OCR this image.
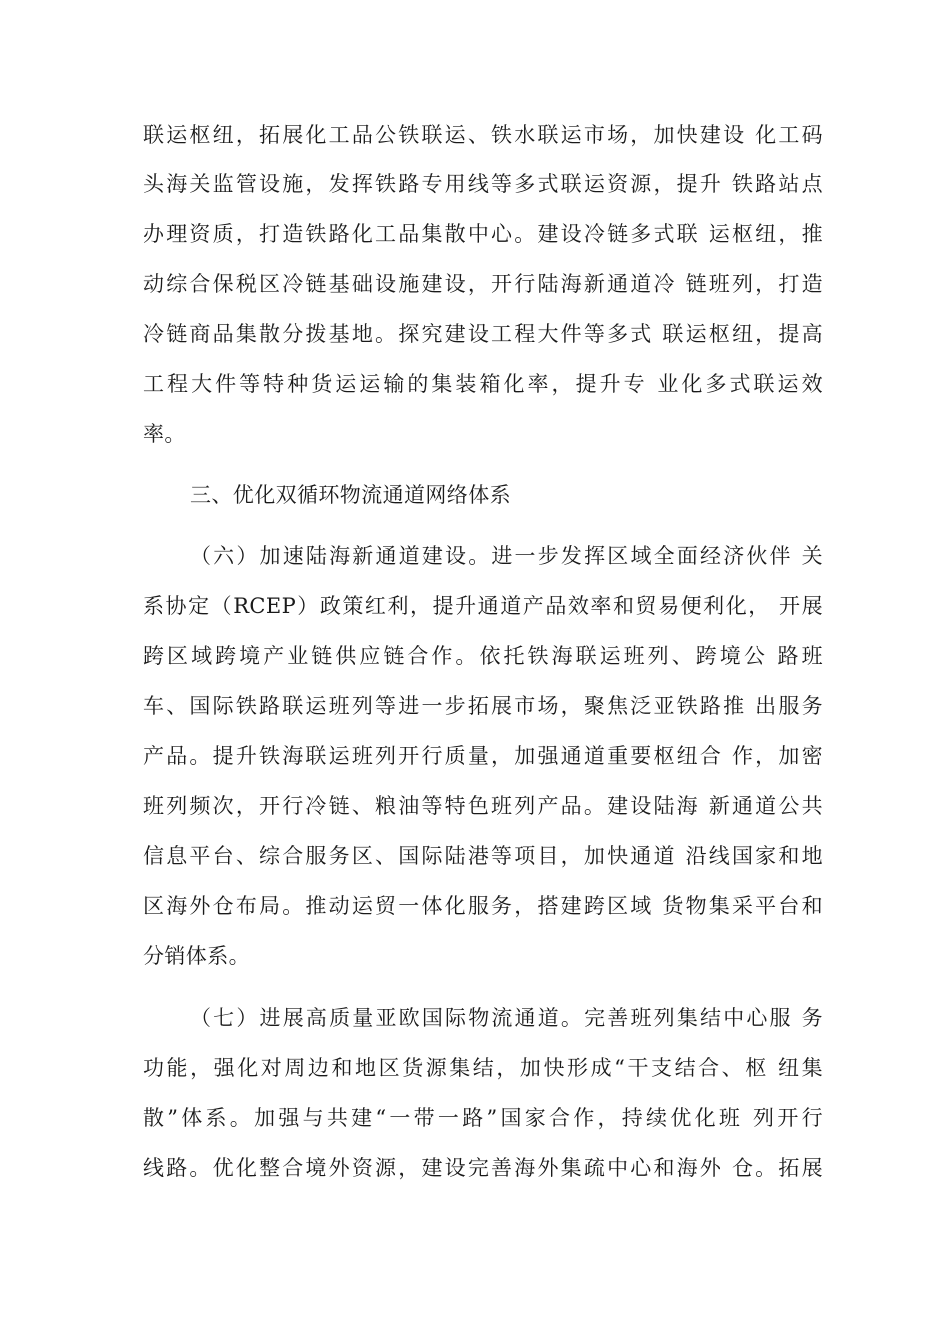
联运枢纽，拓展化工品公铁联运、铁水联运市场，加快建设 化工码
头海关监管设施，发挥铁路专用线等多式联运资源，提升 铁路站点
办理资质，打造铁路化工品集散中心。建设冷链多式联 运枢纽，推
动综合保税区冷链基础设施建设，开行陆海新通道冷 链班列，打造
冷链商品集散分拨基地。探究建设工程大件等多式 联运枢纽，提高
工程大件等特种货运运输的集装箱化率，提升专 业化多式联运效
率。
三、优化双循环物流通道网络体系
（六）加速陆海新通道建设。进一步发挥区域全面经济伙伴 关
系协定（RCEP）政策红利，提升通道产品效率和贸易便利化， 开展
跨区域跨境产业链供应链合作。依托铁海联运班列、跨境公 路班
车、国际铁路联运班列等进一步拓展市场，聚焦泛亚铁路推 出服务
产品。提升铁海联运班列开行质量，加强通道重要枢纽合 作，加密
班列频次，开行冷链、粮油等特色班列产品。建设陆海 新通道公共
信息平台、综合服务区、国际陆港等项目，加快通道 沿线国家和地
区海外仓布局。推动运贸一体化服务，搭建跨区域 货物集采平台和
分销体系。
（七）进展高质量亚欧国际物流通道。完善班列集结中心服 务
功能，强化对周边和地区货源集结，加快形成“干支结合、枢 纽集
散”体系。加强与共建“一带一路”国家合作，持续优化班 列开行
线路。优化整合境外资源，建设完善海外集疏中心和海外 仓。拓展
